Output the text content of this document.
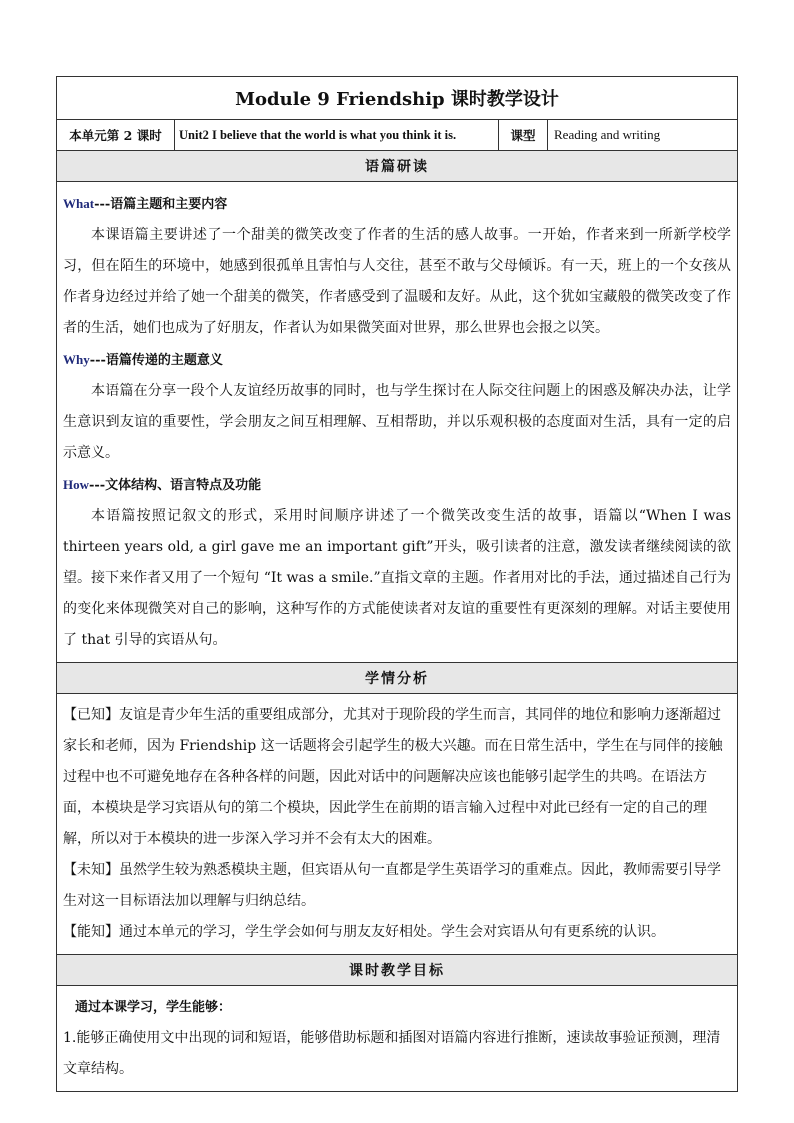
Module 9 Friendship 课时教学设计
本单元第 2 课时	Unit2 I believe that the world is what you think it is.	课型	Reading and writing
语篇研读

What---语篇主题和主要内容

本课语篇主要讲述了一个甜美的微笑改变了作者的生活的感人故事。一开始，作者来到一所新学校学习，但在陌生的环境中，她感到很孤单且害怕与人交往，甚至不敢与父母倾诉。有一天，班上的一个女孩从作者身边经过并给了她一个甜美的微笑，作者感受到了温暖和友好。从此，这个犹如宝藏般的微笑改变了作者的生活，她们也成为了好朋友，作者认为如果微笑面对世界，那么世界也会报之以笑。

Why---语篇传递的主题意义

本语篇在分享一段个人友谊经历故事的同时，也与学生探讨在人际交往问题上的困惑及解决办法，让学生意识到友谊的重要性，学会朋友之间互相理解、互相帮助，并以乐观积极的态度面对生活，具有一定的启示意义。

How---文体结构、语言特点及功能

本语篇按照记叙文的形式，采用时间顺序讲述了一个微笑改变生活的故事，语篇以“When I was thirteen years old, a girl gave me an important gift”开头，吸引读者的注意，激发读者继续阅读的欲望。接下来作者又用了一个短句 “It was a smile.”直指文章的主题。作者用对比的手法，通过描述自己行为的变化来体现微笑对自己的影响，这种写作的方式能使读者对友谊的重要性有更深刻的理解。对话主要使用了 that 引导的宾语从句。

学情分析

【已知】友谊是青少年生活的重要组成部分，尤其对于现阶段的学生而言，其同伴的地位和影响力逐渐超过家长和老师，因为 Friendship 这一话题将会引起学生的极大兴趣。而在日常生活中，学生在与同伴的接触过程中也不可避免地存在各种各样的问题，因此对话中的问题解决应该也能够引起学生的共鸣。在语法方面，本模块是学习宾语从句的第二个模块，因此学生在前期的语言输入过程中对此已经有一定的自己的理解，所以对于本模块的进一步深入学习并不会有太大的困难。

【未知】虽然学生较为熟悉模块主题，但宾语从句一直都是学生英语学习的重难点。因此，教师需要引导学生对这一目标语法加以理解与归纳总结。

【能知】通过本单元的学习，学生学会如何与朋友友好相处。学生会对宾语从句有更系统的认识。

课时教学目标

通过本课学习，学生能够：

1.能够正确使用文中出现的词和短语，能够借助标题和插图对语篇内容进行推断，速读故事验证预测，理清文章结构。
